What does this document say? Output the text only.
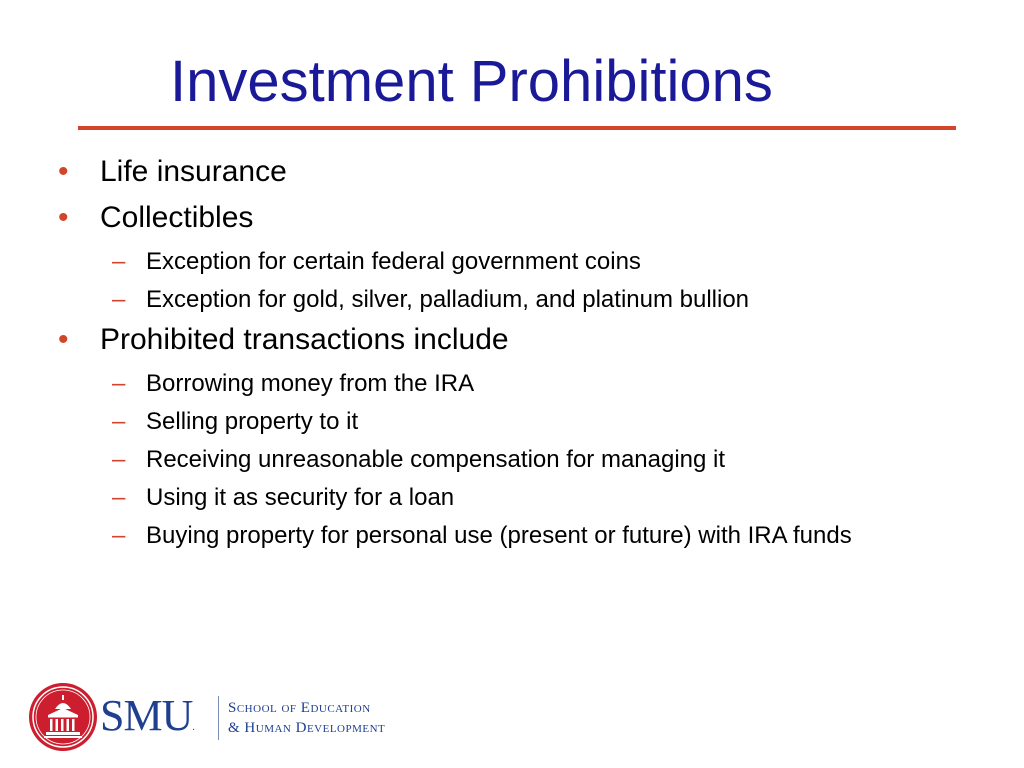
Investment Prohibitions
• Life insurance
• Collectibles
– Exception for certain federal government coins
– Exception for gold, silver, palladium, and platinum bullion
• Prohibited transactions include
– Borrowing money from the IRA
– Selling property to it
– Receiving unreasonable compensation for managing it
– Using it as security for a loan
– Buying property for personal use (present or future) with IRA funds
SMU.
School of Education
& Human Development
